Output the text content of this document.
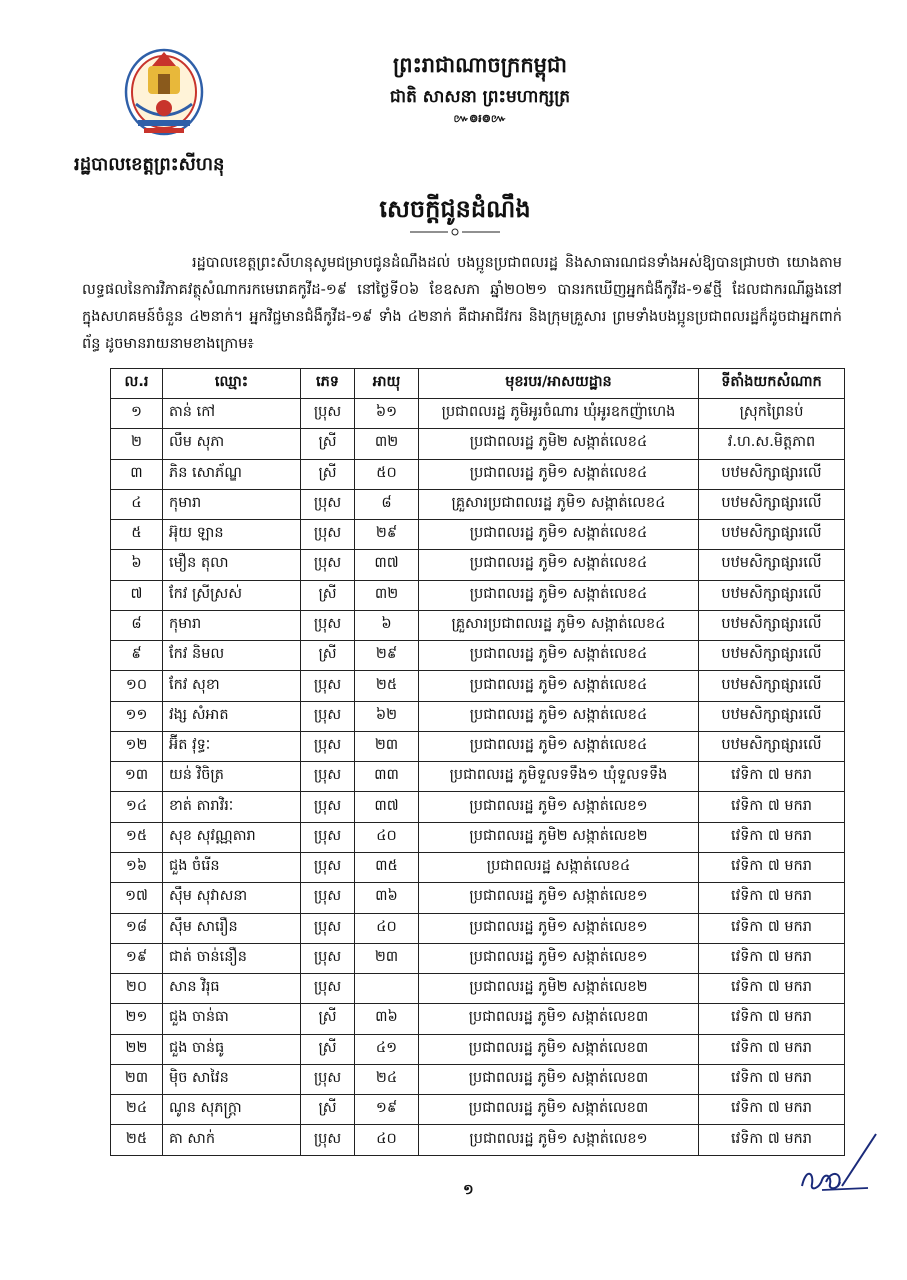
ព្រះរាជាណាចក្រកម្ពុជា
ជាតិ សាសនា ព្រះមហាក្សត្រ
៚៙៛៙៚
រដ្ឋបាលខេត្តព្រះសីហនុ
សេចក្តីជូនដំណឹង

រដ្ឋបាលខេត្តព្រះសីហនុសូមជម្រាបជូនដំណឹងដល់ បងប្អូនប្រជាពលរដ្ឋ និងសាធារណជនទាំងអស់ឱ្យបានជ្រាបថា យោងតាមលទ្ធផលនៃការវិភាគវត្ថុសំណាករកមេរោគកូវីដ-១៩ នៅថ្ងៃទី០៦ ខែឧសភា ឆ្នាំ២០២១ បានរកឃើញអ្នកជំងឺកូវីដ-១៩ថ្មី ដែលជាករណីឆ្លងនៅក្នុងសហគមន៍ចំនួន ៤២នាក់។ អ្នកវិជ្ជមានជំងឺកូវីដ-១៩ ទាំង ៤២នាក់ គឺជាអាជីវករ និងក្រុមគ្រួសារ ព្រមទាំងបងប្អូនប្រជាពលរដ្ឋក៏ដូចជាអ្នកពាក់ព័ន្ធ ដូចមានរាយនាមខាងក្រោម៖

ល.រ	ឈ្មោះ	ភេទ	អាយុ	មុខរបរ/អាសយដ្ឋាន	ទីតាំងយកសំណាក
១	តាន់ កៅ	ប្រុស	៦១	ប្រជាពលរដ្ឋ ភូមិអូរចំណារ ឃុំអូរឧកញ៉ាហេង	ស្រុកព្រៃនប់
២	លឹម សុភា	ស្រី	៣២	ប្រជាពលរដ្ឋ ភូមិ២ សង្កាត់លេខ៤	វ.ហ.ស.មិត្តភាព
៣	ភិន សោភ័ណ្ឌ	ស្រី	៥០	ប្រជាពលរដ្ឋ ភូមិ១ សង្កាត់លេខ៤	បឋមសិក្សាផ្សារលើ
៤	កុមារា	ប្រុស	៨	គ្រួសារប្រជាពលរដ្ឋ ភូមិ១ សង្កាត់លេខ៤	បឋមសិក្សាផ្សារលើ
៥	អ៊ុយ ឡាន	ប្រុស	២៩	ប្រជាពលរដ្ឋ ភូមិ១ សង្កាត់លេខ៤	បឋមសិក្សាផ្សារលើ
៦	មឿន តុលា	ប្រុស	៣៧	ប្រជាពលរដ្ឋ ភូមិ១ សង្កាត់លេខ៤	បឋមសិក្សាផ្សារលើ
៧	កែវ ស្រីស្រស់	ស្រី	៣២	ប្រជាពលរដ្ឋ ភូមិ១ សង្កាត់លេខ៤	បឋមសិក្សាផ្សារលើ
៨	កុមារា	ប្រុស	៦	គ្រួសារប្រជាពលរដ្ឋ ភូមិ១ សង្កាត់លេខ៤	បឋមសិក្សាផ្សារលើ
៩	កែវ និមល	ស្រី	២៩	ប្រជាពលរដ្ឋ ភូមិ១ សង្កាត់លេខ៤	បឋមសិក្សាផ្សារលើ
១០	កែវ សុខា	ប្រុស	២៥	ប្រជាពលរដ្ឋ ភូមិ១ សង្កាត់លេខ៤	បឋមសិក្សាផ្សារលើ
១១	វង្ស សំអាត	ប្រុស	៦២	ប្រជាពលរដ្ឋ ភូមិ១ សង្កាត់លេខ៤	បឋមសិក្សាផ្សារលើ
១២	អ៊ីត វុទ្ធៈ	ប្រុស	២៣	ប្រជាពលរដ្ឋ ភូមិ១ សង្កាត់លេខ៤	បឋមសិក្សាផ្សារលើ
១៣	យន់ វិចិត្រ	ប្រុស	៣៣	ប្រជាពលរដ្ឋ ភូមិទួលទទឹង១ ឃុំទួលទទឹង	វេទិកា ៧ មករា
១៤	ខាត់ តារាវិរៈ	ប្រុស	៣៧	ប្រជាពលរដ្ឋ ភូមិ១ សង្កាត់លេខ១	វេទិកា ៧ មករា
១៥	សុខ សុវណ្ណតារា	ប្រុស	៤០	ប្រជាពលរដ្ឋ ភូមិ២ សង្កាត់លេខ២	វេទិកា ៧ មករា
១៦	ជួង ចំរើន	ប្រុស	៣៥	ប្រជាពលរដ្ឋ សង្កាត់លេខ៤	វេទិកា ៧ មករា
១៧	ស៊ឹម សុវាសនា	ប្រុស	៣៦	ប្រជាពលរដ្ឋ ភូមិ១ សង្កាត់លេខ១	វេទិកា ៧ មករា
១៨	ស៊ឹម សារឿន	ប្រុស	៤០	ប្រជាពលរដ្ឋ ភូមិ១ សង្កាត់លេខ១	វេទិកា ៧ មករា
១៩	ជាត់ ចាន់នឿន	ប្រុស	២៣	ប្រជាពលរដ្ឋ ភូមិ១ សង្កាត់លេខ១	វេទិកា ៧ មករា
២០	សាន វិរុធ	ប្រុស		ប្រជាពលរដ្ឋ ភូមិ២ សង្កាត់លេខ២	វេទិកា ៧ មករា
២១	ជួង ចាន់ធា	ស្រី	៣៦	ប្រជាពលរដ្ឋ ភូមិ១ សង្កាត់លេខ៣	វេទិកា ៧ មករា
២២	ជួង ចាន់ធូ	ស្រី	៤១	ប្រជាពលរដ្ឋ ភូមិ១ សង្កាត់លេខ៣	វេទិកា ៧ មករា
២៣	ម៉ិច សាវៃន	ប្រុស	២៤	ប្រជាពលរដ្ឋ ភូមិ១ សង្កាត់លេខ៣	វេទិកា ៧ មករា
២៤	ណូន សុភក្ត្រា	ស្រី	១៩	ប្រជាពលរដ្ឋ ភូមិ១ សង្កាត់លេខ៣	វេទិកា ៧ មករា
២៥	គា សាក់	ប្រុស	៤០	ប្រជាពលរដ្ឋ ភូមិ១ សង្កាត់លេខ១	វេទិកា ៧ មករា
១
